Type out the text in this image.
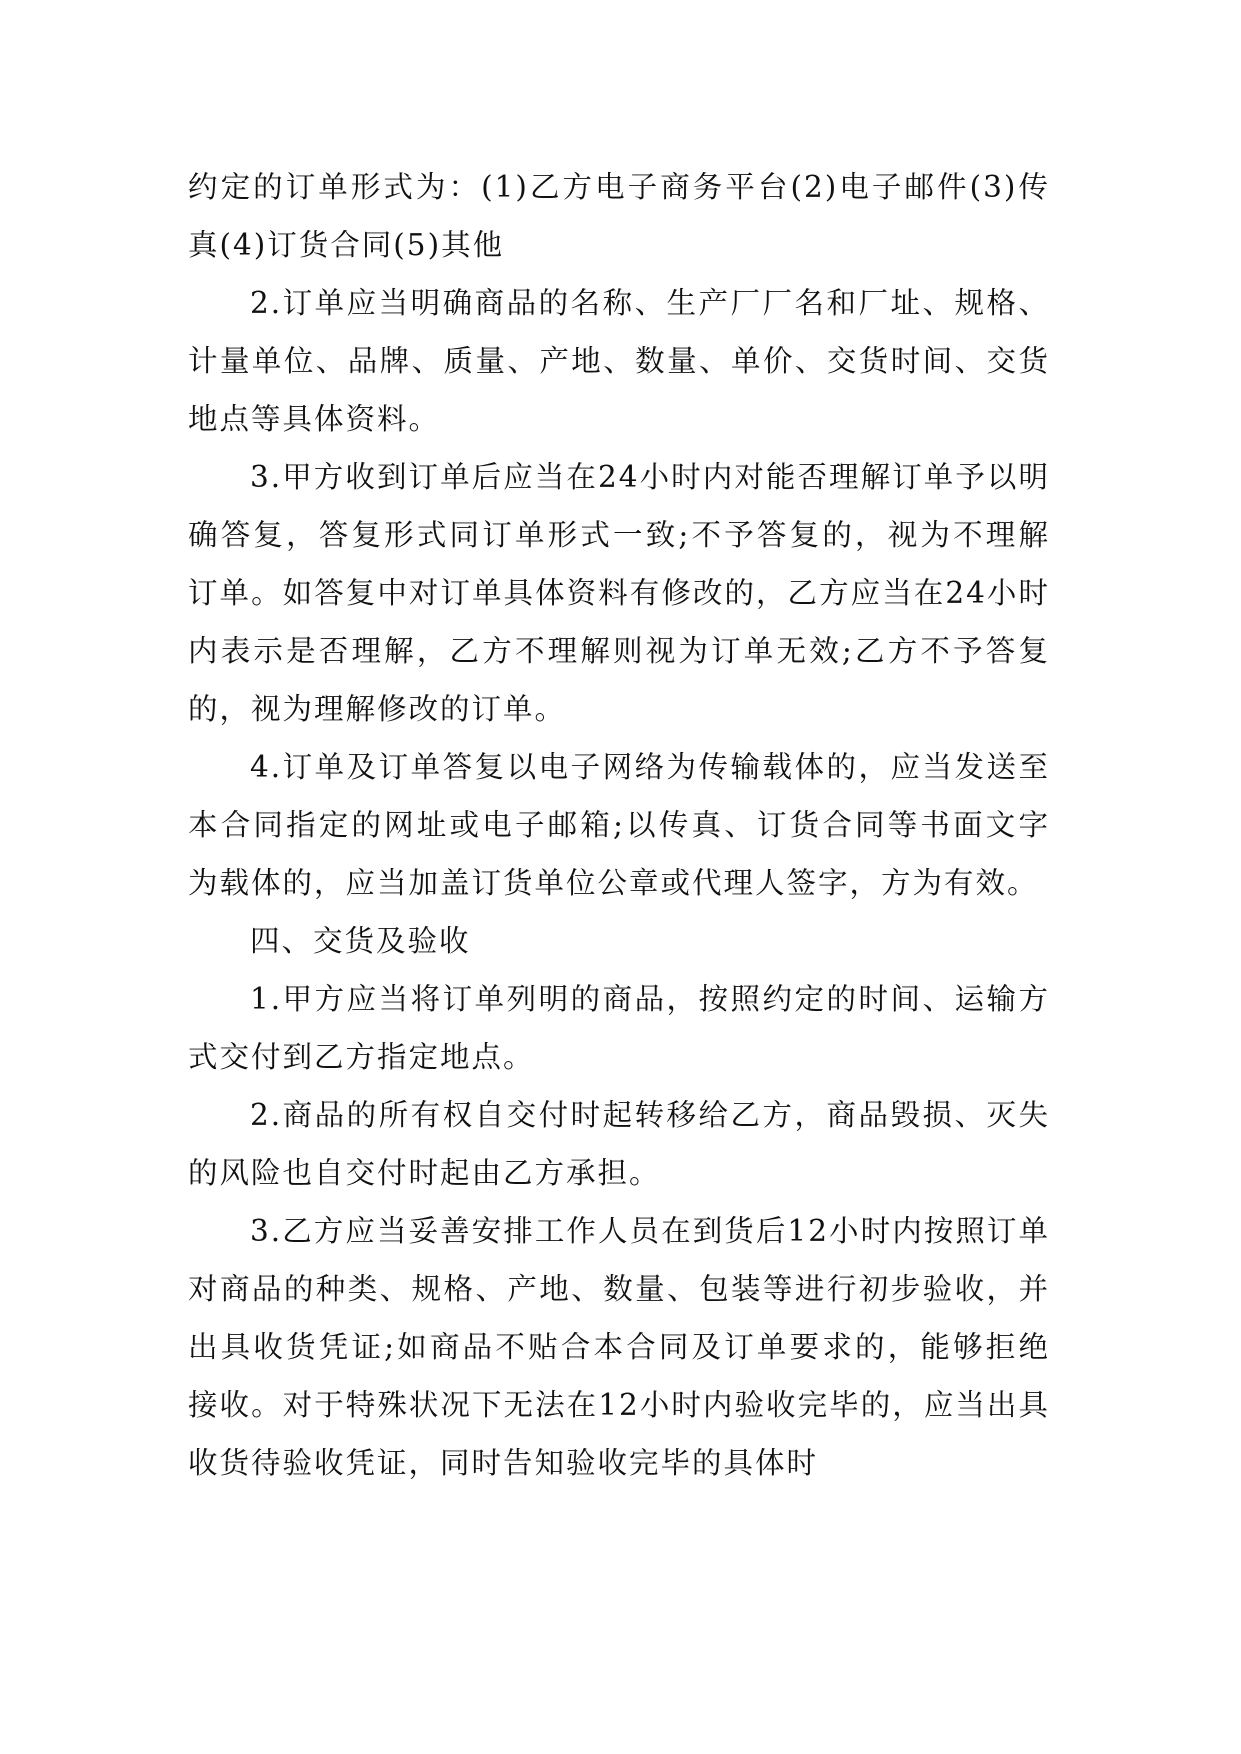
约定的订单形式为：(1)乙方电子商务平台(2)电子邮件(3)传真(4)订货合同(5)其他

2.订单应当明确商品的名称、生产厂厂名和厂址、规格、计量单位、品牌、质量、产地、数量、单价、交货时间、交货地点等具体资料。

3.甲方收到订单后应当在24小时内对能否理解订单予以明确答复，答复形式同订单形式一致;不予答复的，视为不理解订单。如答复中对订单具体资料有修改的，乙方应当在24小时内表示是否理解，乙方不理解则视为订单无效;乙方不予答复的，视为理解修改的订单。

4.订单及订单答复以电子网络为传输载体的，应当发送至本合同指定的网址或电子邮箱;以传真、订货合同等书面文字为载体的，应当加盖订货单位公章或代理人签字，方为有效。

四、交货及验收

1.甲方应当将订单列明的商品，按照约定的时间、运输方式交付到乙方指定地点。

2.商品的所有权自交付时起转移给乙方，商品毁损、灭失的风险也自交付时起由乙方承担。

3.乙方应当妥善安排工作人员在到货后12小时内按照订单对商品的种类、规格、产地、数量、包装等进行初步验收，并出具收货凭证;如商品不贴合本合同及订单要求的，能够拒绝接收。对于特殊状况下无法在12小时内验收完毕的，应当出具收货待验收凭证，同时告知验收完毕的具体时
